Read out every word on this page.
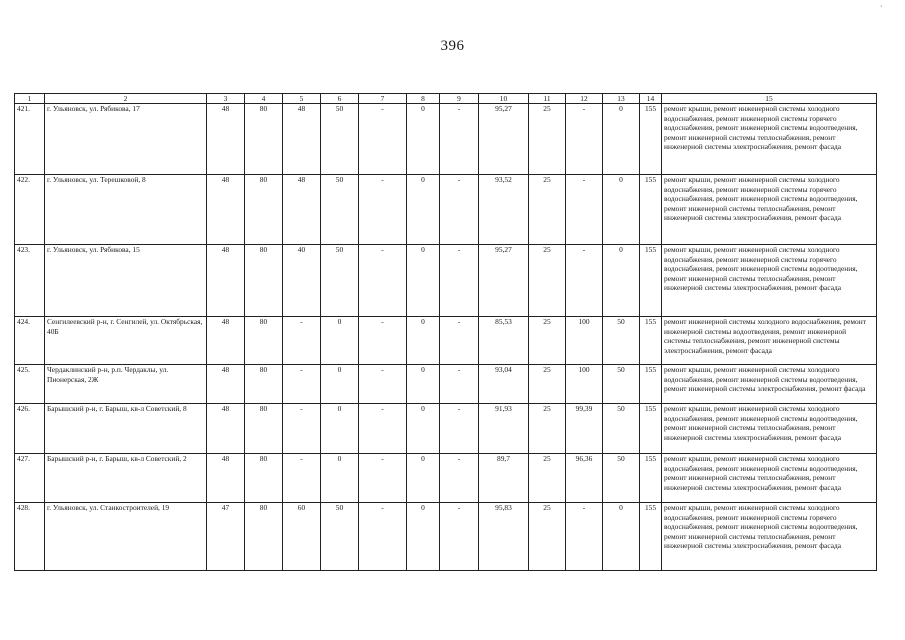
·
396
1	2	3	4	5	6	7	8	9	10	11	12	13	14	15
421.	г. Ульяновск, ул. Рябикова, 17	48	80	48	50	-	0	-	95,27	25	-	0	155	ремонт крыши, ремонт инженерной системы холодного водоснабжения, ремонт инженерной системы горячего водоснабжения, ремонт инженерной системы водоотведения, ремонт инженерной системы теплоснабжения, ремонт инженерной системы электроснабжения, ремонт фасада
422.	г. Ульяновск, ул. Терешковой, 8	48	80	48	50	-	0	-	93,52	25	-	0	155	ремонт крыши, ремонт инженерной системы холодного водоснабжения, ремонт инженерной системы горячего водоснабжения, ремонт инженерной системы водоотведения, ремонт инженерной системы теплоснабжения, ремонт инженерной системы электроснабжения, ремонт фасада
423.	г. Ульяновск, ул. Рябикова, 15	48	80	40	50	-	0	-	95,27	25	-	0	155	ремонт крыши, ремонт инженерной системы холодного водоснабжения, ремонт инженерной системы горячего водоснабжения, ремонт инженерной системы водоотведения, ремонт инженерной системы теплоснабжения, ремонт инженерной системы электроснабжения, ремонт фасада
424.	Сенгилеевский р-н, г. Сенгилей, ул. Октябрьская, 40Б	48	80	-	0	-	0	-	85,53	25	100	50	155	ремонт инженерной системы холодного водоснабжения, ремонт инженерной системы водоотведения, ремонт инженерной системы теплоснабжения, ремонт инженерной системы электроснабжения, ремонт фасада
425.	Чердаклинский р-н, р.п. Чердаклы, ул. Пионерская, 2Ж	48	80	-	0	-	0	-	93,04	25	100	50	155	ремонт крыши, ремонт инженерной системы холодного водоснабжения, ремонт инженерной системы водоотведения, ремонт инженерной системы электроснабжения, ремонт фасада
426.	Барышский р-н, г. Барыш, кв-л Советский, 8	48	80	-	0	-	0	-	91,93	25	99,39	50	155	ремонт крыши, ремонт инженерной системы холодного водоснабжения, ремонт инженерной системы водоотведения, ремонт инженерной системы теплоснабжения, ремонт инженерной системы электроснабжения, ремонт фасада
427.	Барышский р-н, г. Барыш, кв-л Советский, 2	48	80	-	0	-	0	-	89,7	25	96,36	50	155	ремонт крыши, ремонт инженерной системы холодного водоснабжения, ремонт инженерной системы водоотведения, ремонт инженерной системы теплоснабжения, ремонт инженерной системы электроснабжения, ремонт фасада
428.	г. Ульяновск, ул. Станкостроителей, 19	47	80	60	50	-	0	-	95,83	25	-	0	155	ремонт крыши, ремонт инженерной системы холодного водоснабжения, ремонт инженерной системы горячего водоснабжения, ремонт инженерной системы водоотведения, ремонт инженерной системы теплоснабжения, ремонт инженерной системы электроснабжения, ремонт фасада
